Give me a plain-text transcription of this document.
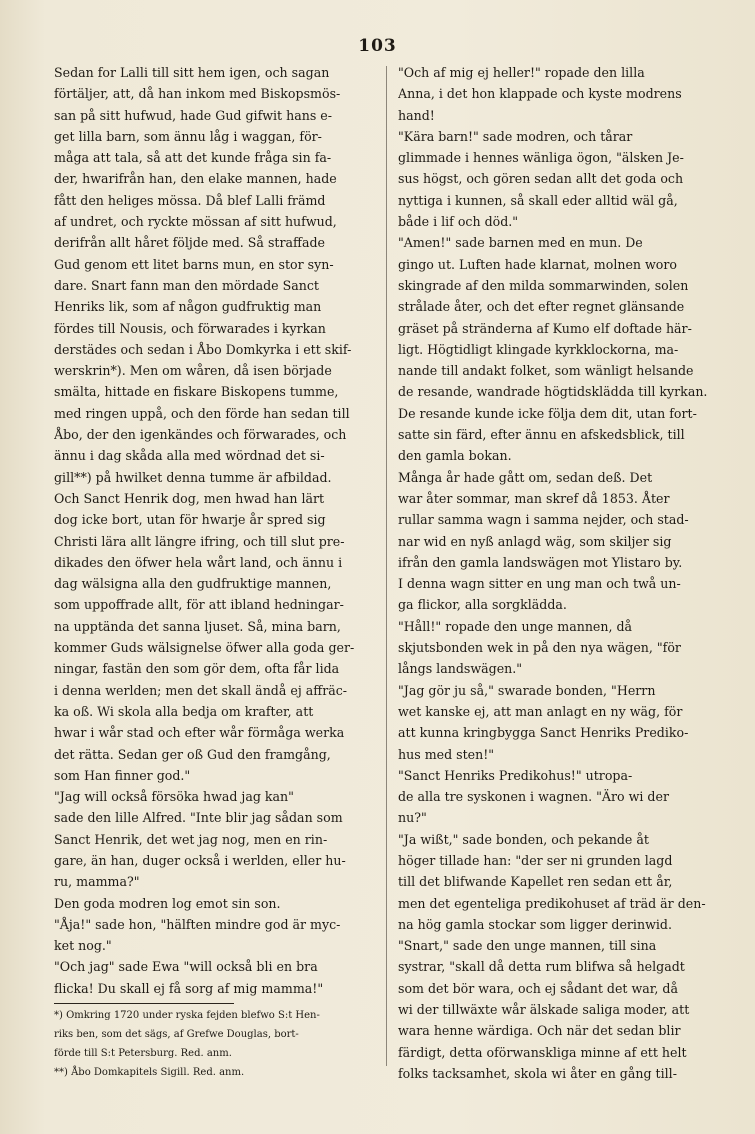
103
Sedan for Lalli till sitt hem igen, och sagan
förtäljer, att, då han inkom med Biskopsmös-
san på sitt hufwud, hade Gud gifwit hans e-
get lilla barn, som ännu låg i waggan, för-
måga att tala, så att det kunde fråga sin fa-
der, hwarifrån han, den elake mannen, hade
fått den heliges mössa. Då blef Lalli främd
af undret, och ryckte mössan af sitt hufwud,
derifrån allt håret följde med. Så straffade
Gud genom ett litet barns mun, en stor syn-
dare. Snart fann man den mördade Sanct
Henriks lik, som af någon gudfruktig man
fördes till Nousis, och förwarades i kyrkan
derstädes och sedan i Åbo Domkyrka i ett skif-
werskrin*). Men om wåren, då isen började
smälta, hittade en fiskare Biskopens tumme,
med ringen uppå, och den förde han sedan till
Åbo, der den igenkändes och förwarades, och
ännu i dag skåda alla med wördnad det si-
gill**) på hwilket denna tumme är afbildad.
Och Sanct Henrik dog, men hwad han lärt
dog icke bort, utan för hwarje år spred sig
Christi lära allt längre ifring, och till slut pre-
dikades den öfwer hela wårt land, och ännu i
dag wälsigna alla den gudfruktige mannen,
som uppoffrade allt, för att ibland hedningar-
na upptända det sanna ljuset. Så, mina barn,
kommer Guds wälsignelse öfwer alla goda ger-
ningar, fastän den som gör dem, ofta får lida
i denna werlden; men det skall ändå ej affräc-
ka oß. Wi skola alla bedja om krafter, att
hwar i wår stad och efter wår förmåga werka
det rätta. Sedan ger oß Gud den framgång,
som Han finner god."
"Jag will också försöka hwad jag kan"
sade den lille Alfred. "Inte blir jag sådan som
Sanct Henrik, det wet jag nog, men en rin-
gare, än han, duger också i werlden, eller hu-
ru, mamma?"
Den goda modren log emot sin son.
"Åja!" sade hon, "hälften mindre god är myc-
ket nog."
"Och jag" sade Ewa "will också bli en bra
flicka! Du skall ej få sorg af mig mamma!"
*) Omkring 1720 under ryska fejden blefwo S:t Hen-
riks ben, som det sägs, af Grefwe Douglas, bort-
förde till S:t Petersburg. Red. anm.
**) Åbo Domkapitels Sigill. Red. anm.
"Och af mig ej heller!" ropade den lilla
Anna, i det hon klappade och kyste modrens
hand!
"Kära barn!" sade modren, och tårar
glimmade i hennes wänliga ögon, "älsken Je-
sus högst, och gören sedan allt det goda och
nyttiga i kunnen, så skall eder alltid wäl gå,
både i lif och död."
"Amen!" sade barnen med en mun. De
gingo ut. Luften hade klarnat, molnen woro
skingrade af den milda sommarwinden, solen
strålade åter, och det efter regnet glänsande
gräset på stränderna af Kumo elf doftade här-
ligt. Högtidligt klingade kyrkklockorna, ma-
nande till andakt folket, som wänligt helsande
de resande, wandrade högtidsklädda till kyrkan.
De resande kunde icke följa dem dit, utan fort-
satte sin färd, efter ännu en afskedsblick, till
den gamla bokan.
Många år hade gått om, sedan deß. Det
war åter sommar, man skref då 1853. Åter
rullar samma wagn i samma nejder, och stad-
nar wid en nyß anlagd wäg, som skiljer sig
ifrån den gamla landswägen mot Ylistaro by.
I denna wagn sitter en ung man och twå un-
ga flickor, alla sorgklädda.
"Håll!" ropade den unge mannen, då
skjutsbonden wek in på den nya wägen, "för
långs landswägen."
"Jag gör ju så," swarade bonden, "Herrn
wet kanske ej, att man anlagt en ny wäg, för
att kunna kringbygga Sanct Henriks Prediko-
hus med sten!"
"Sanct Henriks Predikohus!" utropa-
de alla tre syskonen i wagnen. "Äro wi der
nu?"
"Ja wißt," sade bonden, och pekande åt
höger tillade han: "der ser ni grunden lagd
till det blifwande Kapellet ren sedan ett år,
men det egenteliga predikohuset af träd är den-
na hög gamla stockar som ligger derinwid.
"Snart," sade den unge mannen, till sina
systrar, "skall då detta rum blifwa så helgadt
som det bör wara, och ej sådant det war, då
wi der tillwäxte wår älskade saliga moder, att
wara henne wärdiga. Och när det sedan blir
färdigt, detta oförwanskliga minne af ett helt
folks tacksamhet, skola wi åter en gång till-
